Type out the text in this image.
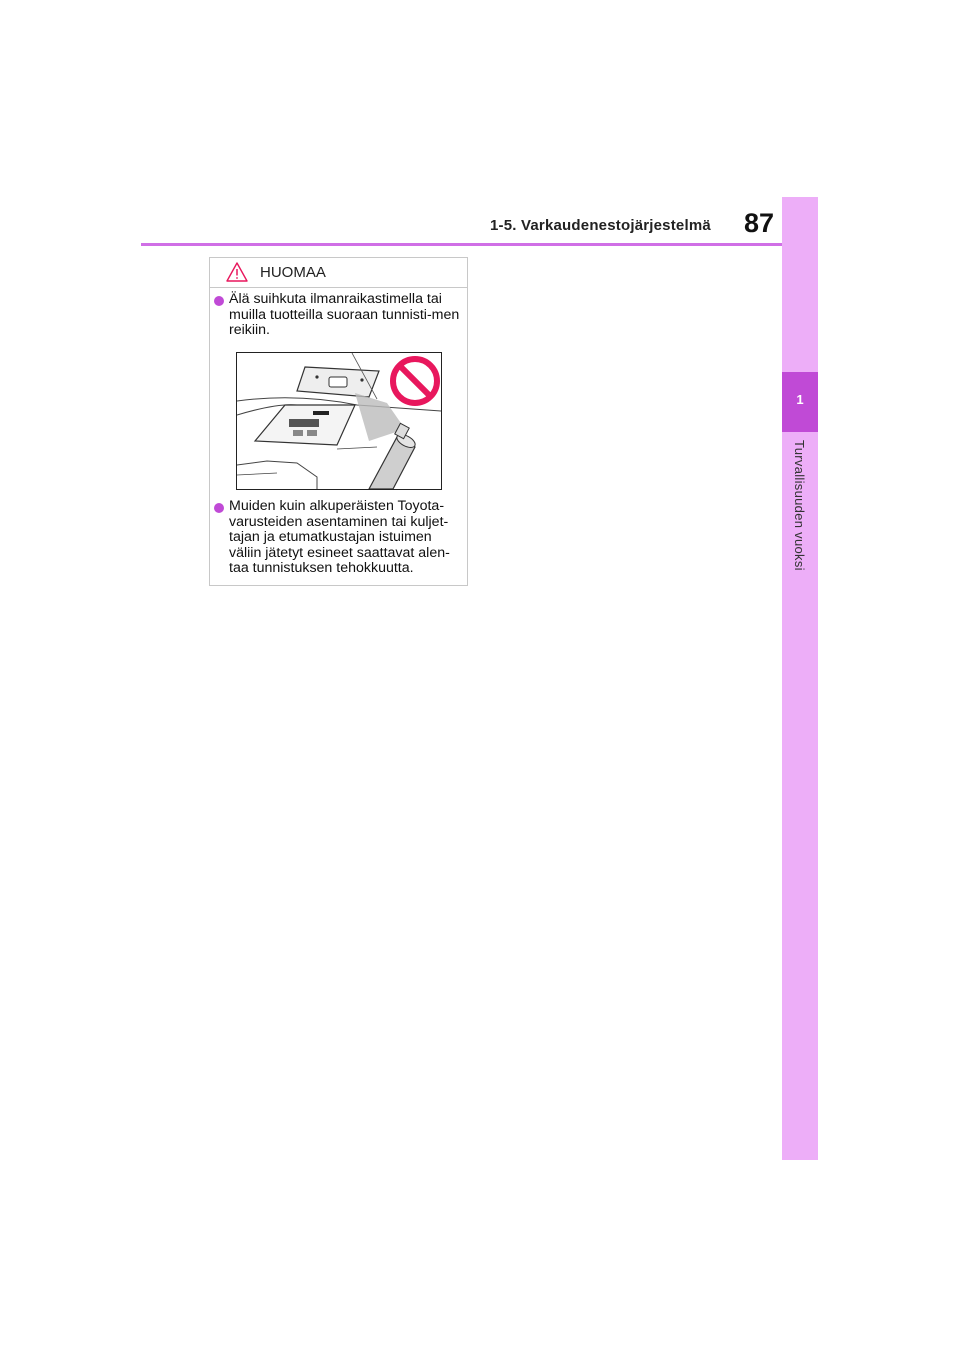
1
Turvallisuuden vuoksi
1-5. Varkaudenestojärjestelmä 87
HUOMAA
Älä suihkuta ilmanraikastimella tai muilla tuotteilla suoraan tunnisti-men reikiin.
Muiden kuin alkuperäisten Toyota-varusteiden asentaminen tai kuljet-tajan ja etumatkustajan istuimen väliin jätetyt esineet saattavat alen-taa tunnistuksen tehokkuutta.
